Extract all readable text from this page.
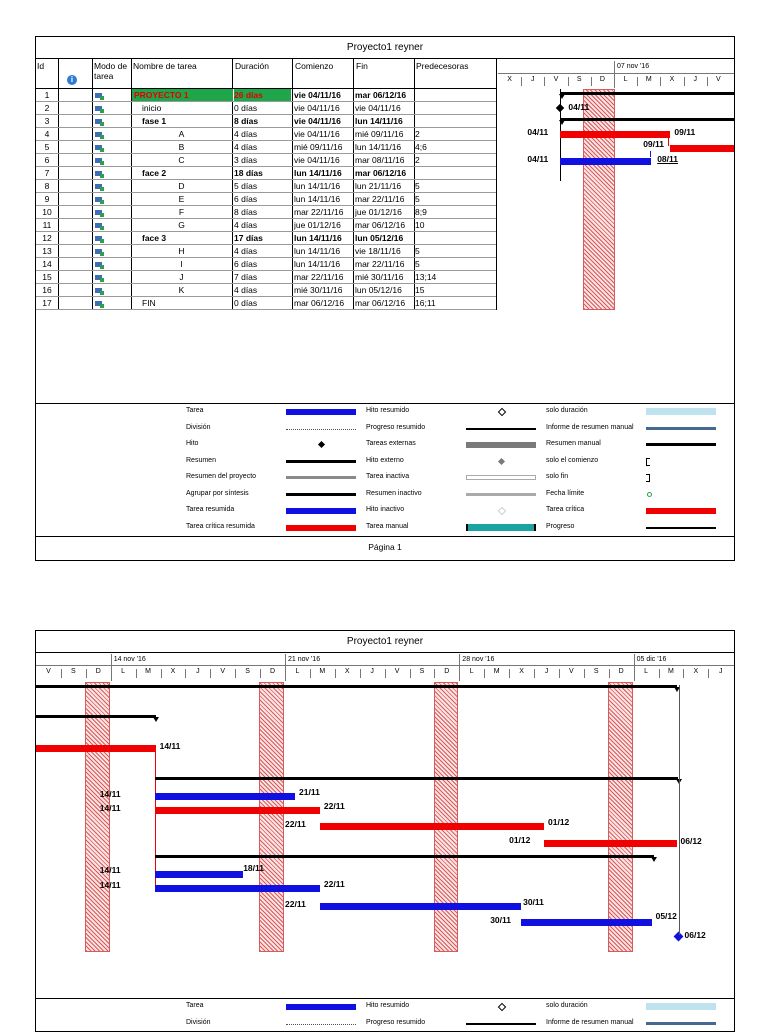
Proyecto1 reyner
Id
i
Modo de tarea
Nombre de tarea	Duración	Comienzo	Fin	Predecesoras
1	PROYECTO 1	26 días	vie 04/11/16	mar 06/12/16
2	inicio	0 días	vie 04/11/16	vie 04/11/16
3	fase 1	8 días	vie 04/11/16	lun 14/11/16
4	A	4 días	vie 04/11/16	mié 09/11/16	2
5	B	4 días	mié 09/11/16	lun 14/11/16	4;6
6	C	3 días	vie 04/11/16	mar 08/11/16	2
7	face 2	18 días	lun 14/11/16	mar 06/12/16
8	D	5 días	lun 14/11/16	lun 21/11/16	5
9	E	6 días	lun 14/11/16	mar 22/11/16	5
10	F	8 días	mar 22/11/16	jue 01/12/16	8;9
11	G	4 días	jue 01/12/16	mar 06/12/16	10
12	face 3	17 días	lun 14/11/16	lun 05/12/16
13	H	4 días	lun 14/11/16	vie 18/11/16	5
14	I	6 días	lun 14/11/16	mar 22/11/16	5
15	J	7 días	mar 22/11/16	mié 30/11/16	13;14
16	K	4 días	mié 30/11/16	lun 05/12/16	15
17	FIN	0 días	mar 06/12/16	mar 06/12/16	16;11
07 nov '16
X	J	V	S	D	L	M	X	J	V
04/11
04/11	09/11
09/11
04/11	08/11
Tarea
División
Hito
Resumen
Resumen del proyecto
Agrupar por síntesis
Tarea resumida
Tarea crítica resumida
Hito resumido
Progreso resumido
Tareas externas
Hito externo
Tarea inactiva
Resumen inactivo
Hito inactivo
Tarea manual
solo duración
Informe de resumen manual
Resumen manual
solo el comienzo
solo fin
Fecha límite
Tarea crítica
Progreso
Página 1
Proyecto1 reyner
14 nov '16	21 nov '16	28 nov '16	05 dic '16
V	S	D	L	M	X	J	V	S	D	L	M	X	J	V	S	D	L	M	X	J	V	S	D	L	M	X	J
14/11
14/11	21/11
14/11	22/11
22/11	01/12
01/12	06/12
14/11	18/11
14/11	22/11
22/11	30/11
30/11	05/12
06/12
Tarea
División
Hito resumido
Progreso resumido
solo duración
Informe de resumen manual
